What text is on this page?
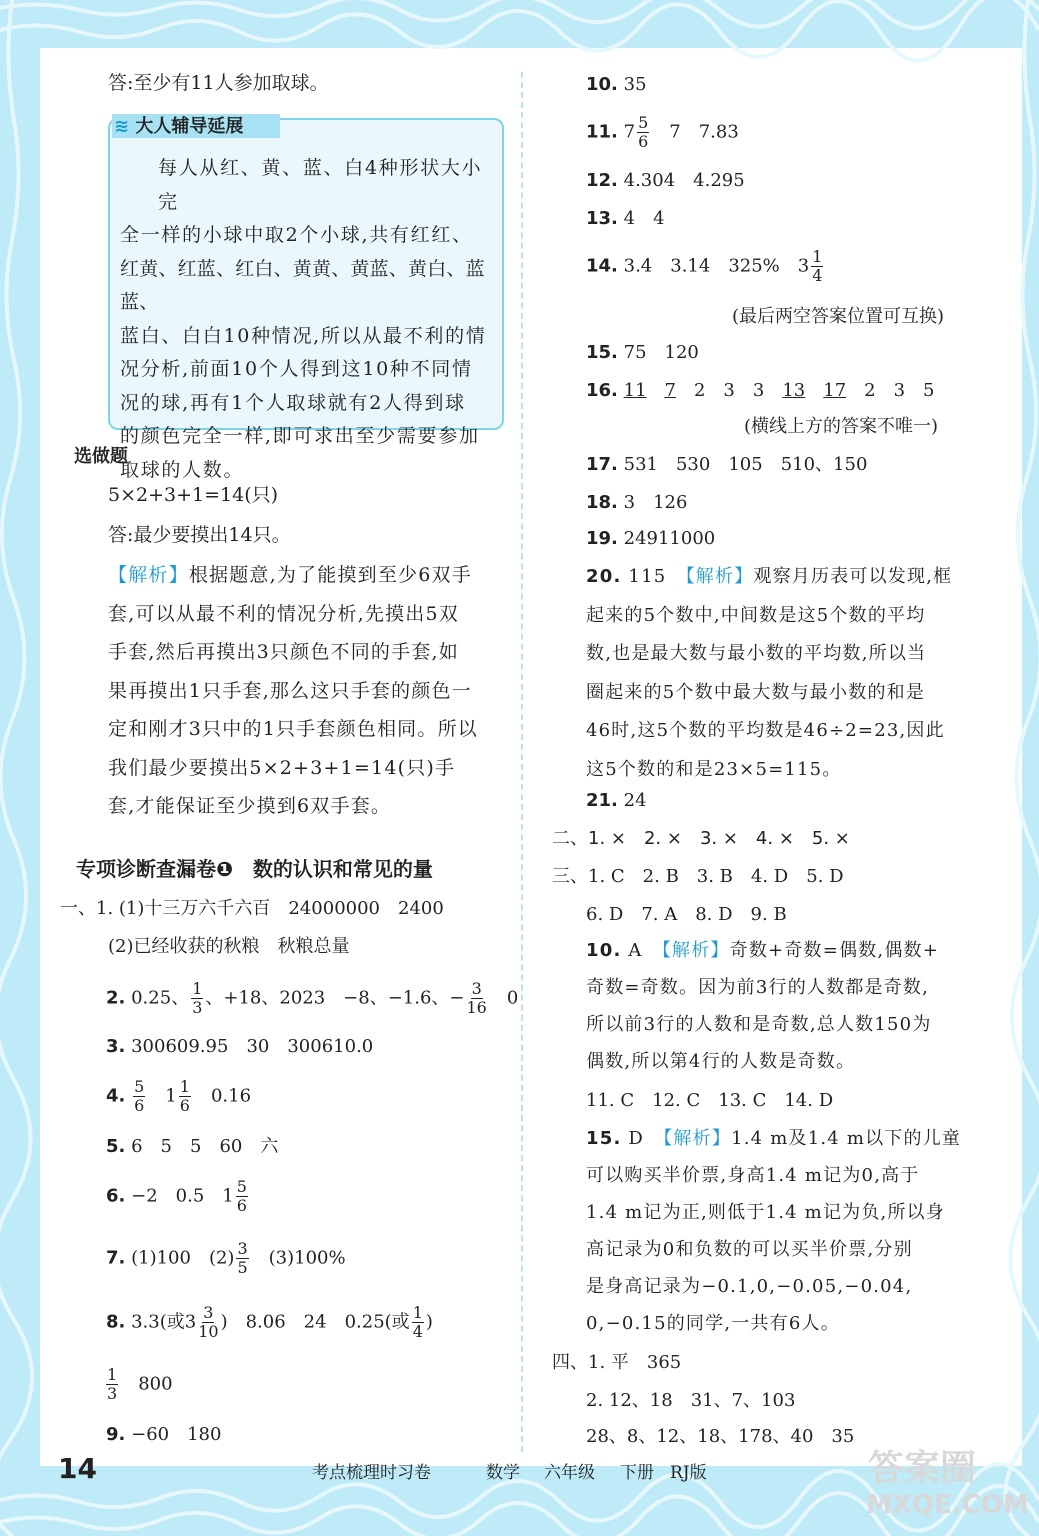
答:至少有11人参加取球。
≋ 大人辅导延展
每人从红、黄、蓝、白4种形状大小完
全一样的小球中取2个小球,共有红红、
红黄、红蓝、红白、黄黄、黄蓝、黄白、蓝蓝、
蓝白、白白10种情况,所以从最不利的情
况分析,前面10个人得到这10种不同情
况的球,再有1个人取球就有2人得到球
的颜色完全一样,即可求出至少需要参加
取球的人数。
选做题
5×2+3+1=14(只)
答:最少要摸出14只。
【解析】根据题意,为了能摸到至少6双手
套,可以从最不利的情况分析,先摸出5双
手套,然后再摸出3只颜色不同的手套,如
果再摸出1只手套,那么这只手套的颜色一
定和刚才3只中的1只手套颜色相同。所以
我们最少要摸出5×2+3+1=14(只)手
套,才能保证至少摸到6双手套。
专项诊断查漏卷❶　数的认识和常见的量
一、1. (1)十三万六千六百　24000000　2400
(2)已经收获的秋粮　秋粮总量
2. 0.25、 $\frac{1}{3}$ 、+18、2023　−8、−1.6、− $\frac{3}{16}$
　 0
3. 300609.95　30　300610.0
4. $\frac{5}{6}$
　 $1 \frac{1}{6}$
　 0.16
5. 6　5　5　60　六
6. −2　0.5　$1 \frac{5}{6}$
7. (1)100　$(2) \frac{3}{5}$
　 (3)100%
8. 3.3(或$3 \frac{3}{10}$ )　8.06　24　0.25(或 $\frac{1}{4}$ )
$\frac{1}{3}$
　 800
9. −60　180
10. 35
11. $7 \frac{5}{6}$
　 7　7.83
12. 4.304　4.295
13. 4　4
14. 3.4　3.14　325%　$3 \frac{1}{4}$
(最后两空答案位置可互换)
15. 75　120
16. 11　 7　 2　3　3　 13　 17　 2　3　5
(横线上方的答案不唯一)
17. 531　530　105　510、150
18. 3　126
19. 24911000
20. 115　【解析】观察月历表可以发现,框
起来的5个数中,中间数是这5个数的平均
数,也是最大数与最小数的平均数,所以当
圈起来的5个数中最大数与最小数的和是
46时,这5个数的平均数是46÷2=23,因此
这5个数的和是23×5=115。
21. 24
二、1. ×　2. ×　3. ×　4. ×　5. ×
三、1. C　2. B　3. B　4. D　5. D
6. D　7. A　8. D　9. B
10. A　【解析】奇数+奇数=偶数,偶数+
奇数=奇数。因为前3行的人数都是奇数,
所以前3行的人数和是奇数,总人数150为
偶数,所以第4行的人数是奇数。
11. C　12. C　13. C　14. D
15. D　【解析】1.4 m及1.4 m以下的儿童
可以购买半价票,身高1.4 m记为0,高于
1.4 m记为正,则低于1.4 m记为负,所以身
高记录为0和负数的可以买半价票,分别
是身高记录为−0.1,0,−0.05,−0.04,
0,−0.15的同学,一共有6人。
四、1. 平　365
2. 12、18　31、7、103
28、8、12、18、178、40　35
14	考点梳理时习卷	数学 六年级 下册 RJ版	答案圈
MXQE.COM
